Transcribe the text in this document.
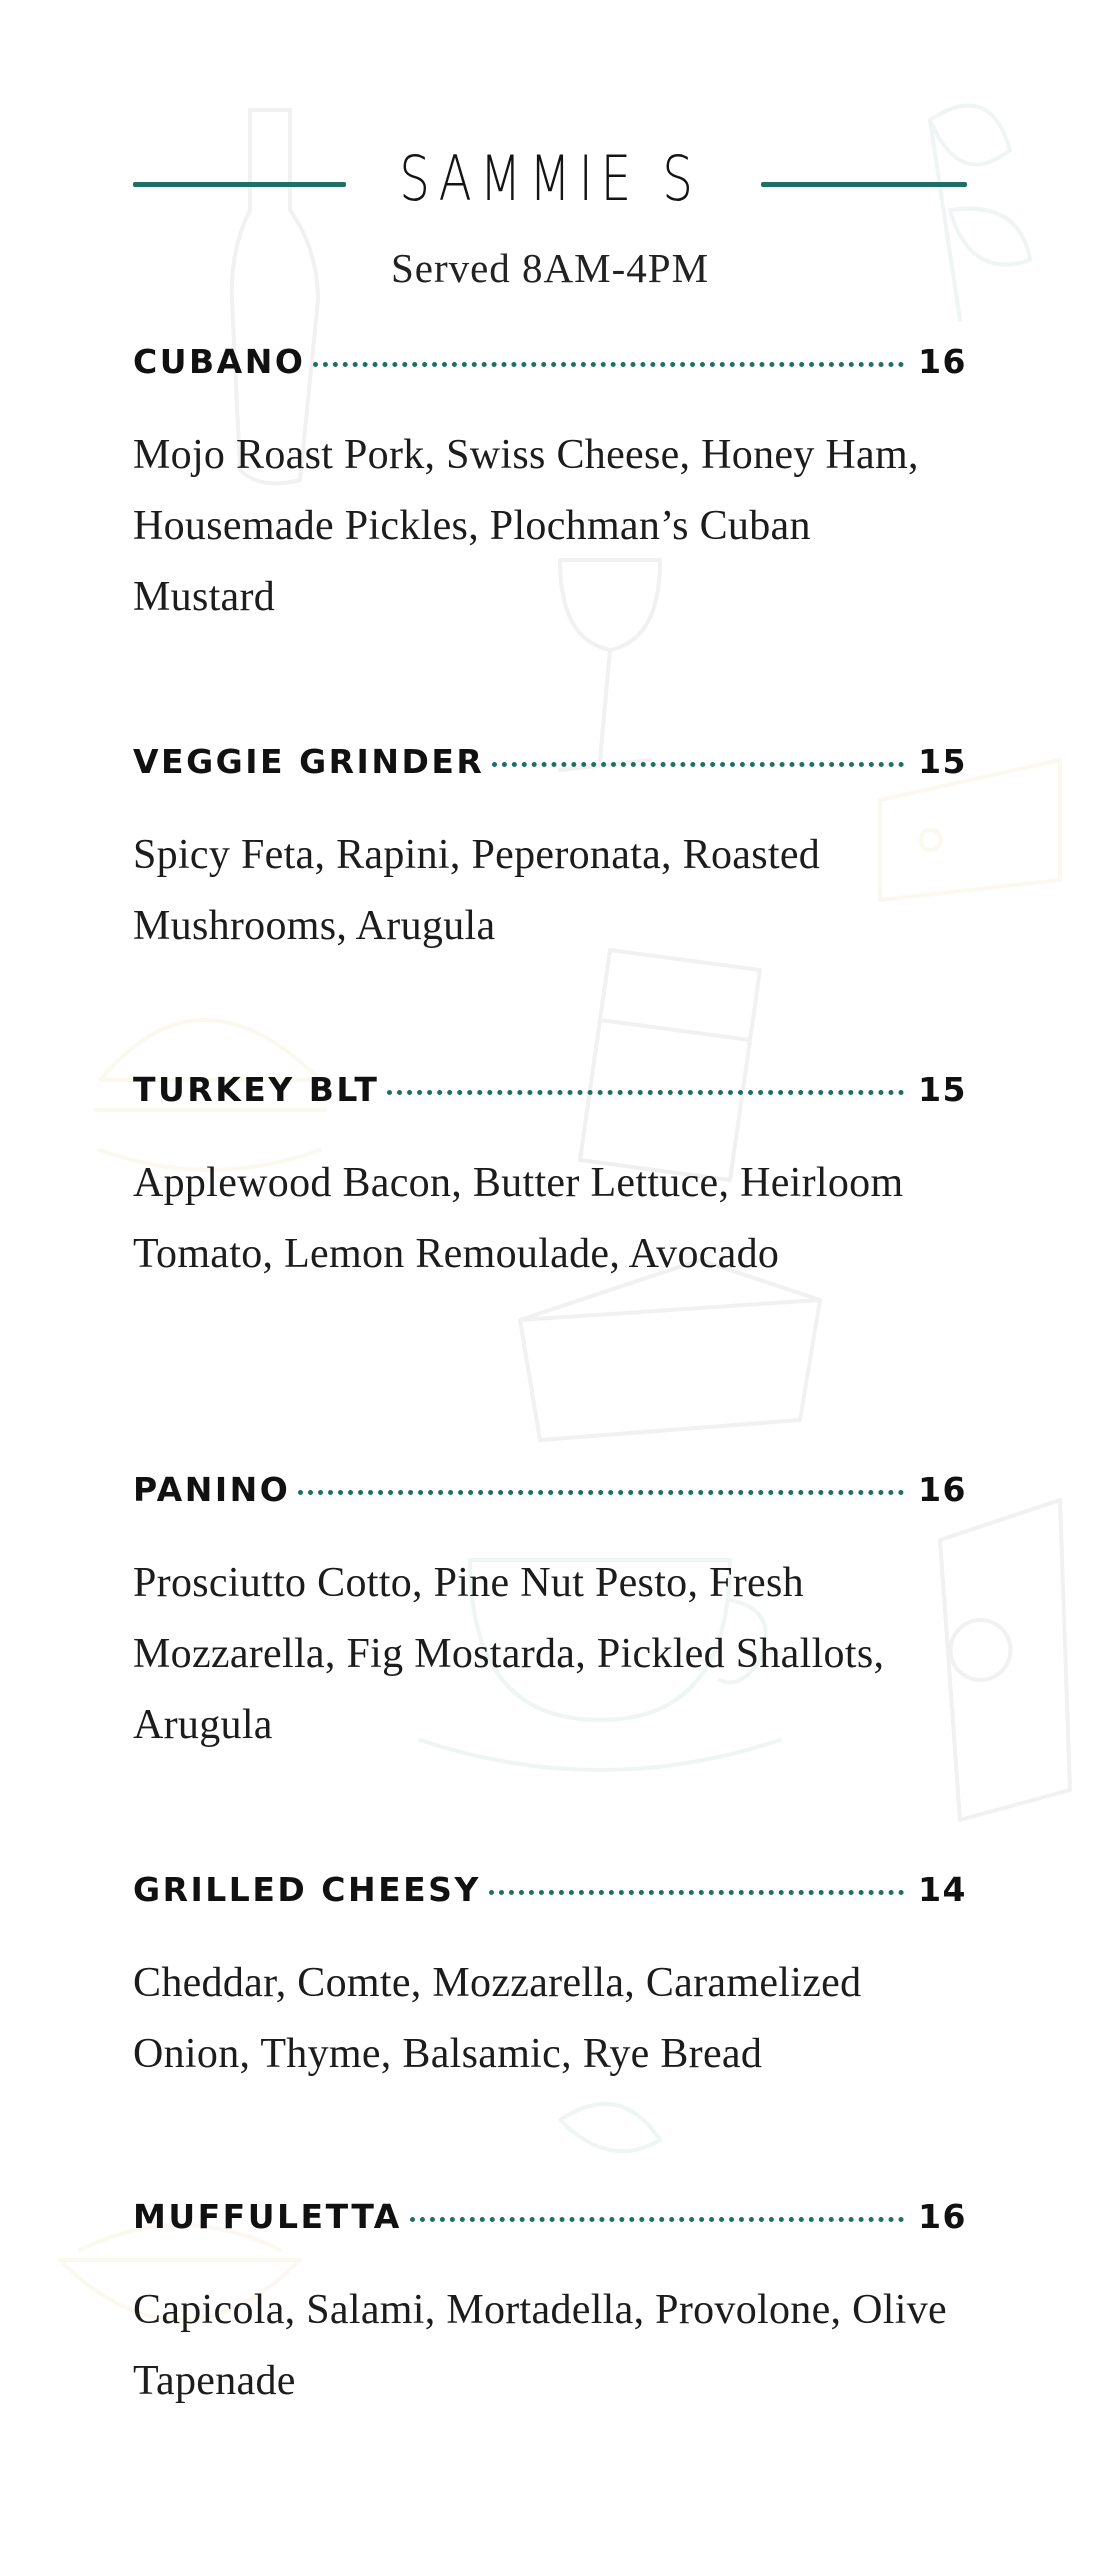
SAMMIE S
Served 8AM-4PM
CUBANO	16
Mojo Roast Pork, Swiss Cheese, Honey Ham, Housemade Pickles, Plochman’s Cuban Mustard
VEGGIE GRINDER	15
Spicy Feta, Rapini, Peperonata, Roasted Mushrooms, Arugula
TURKEY BLT	15
Applewood Bacon, Butter Lettuce, Heirloom Tomato, Lemon Remoulade, Avocado
PANINO	16
Prosciutto Cotto, Pine Nut Pesto, Fresh Mozzarella, Fig Mostarda, Pickled Shallots, Arugula
GRILLED CHEESY	14
Cheddar, Comte, Mozzarella, Caramelized Onion, Thyme, Balsamic, Rye Bread
MUFFULETTA	16
Capicola, Salami, Mortadella, Provolone, Olive Tapenade
